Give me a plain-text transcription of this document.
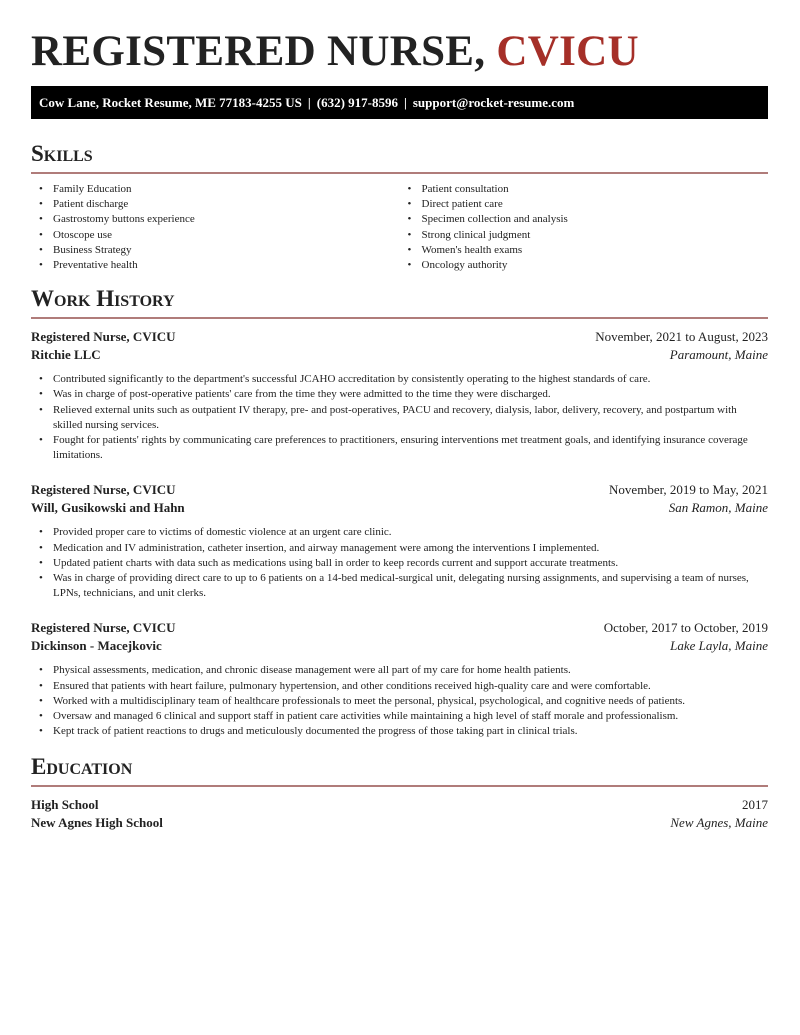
REGISTERED NURSE, CVICU
Cow Lane, Rocket Resume, ME 77183-4255 US | (632) 917-8596 | support@rocket-resume.com
Skills
• Family Education
• Patient discharge
• Gastrostomy buttons experience
• Otoscope use
• Business Strategy
• Preventative health
• Patient consultation
• Direct patient care
• Specimen collection and analysis
• Strong clinical judgment
• Women's health exams
• Oncology authority
Work History
Registered Nurse, CVICU	November, 2021 to August, 2023
Ritchie LLC	Paramount, Maine
• Contributed significantly to the department's successful JCAHO accreditation by consistently operating to the highest standards of care.
• Was in charge of post-operative patients' care from the time they were admitted to the time they were discharged.
• Relieved external units such as outpatient IV therapy, pre- and post-operatives, PACU and recovery, dialysis, labor, delivery, recovery, and postpartum with skilled nursing services.
• Fought for patients' rights by communicating care preferences to practitioners, ensuring interventions met treatment goals, and identifying insurance coverage limitations.
Registered Nurse, CVICU	November, 2019 to May, 2021
Will, Gusikowski and Hahn	San Ramon, Maine
• Provided proper care to victims of domestic violence at an urgent care clinic.
• Medication and IV administration, catheter insertion, and airway management were among the interventions I implemented.
• Updated patient charts with data such as medications using ball in order to keep records current and support accurate treatments.
• Was in charge of providing direct care to up to 6 patients on a 14-bed medical-surgical unit, delegating nursing assignments, and supervising a team of nurses, LPNs, technicians, and unit clerks.
Registered Nurse, CVICU	October, 2017 to October, 2019
Dickinson - Macejkovic	Lake Layla, Maine
• Physical assessments, medication, and chronic disease management were all part of my care for home health patients.
• Ensured that patients with heart failure, pulmonary hypertension, and other conditions received high-quality care and were comfortable.
• Worked with a multidisciplinary team of healthcare professionals to meet the personal, physical, psychological, and cognitive needs of patients.
• Oversaw and managed 6 clinical and support staff in patient care activities while maintaining a high level of staff morale and professionalism.
• Kept track of patient reactions to drugs and meticulously documented the progress of those taking part in clinical trials.
Education
High School	2017
New Agnes High School	New Agnes, Maine
